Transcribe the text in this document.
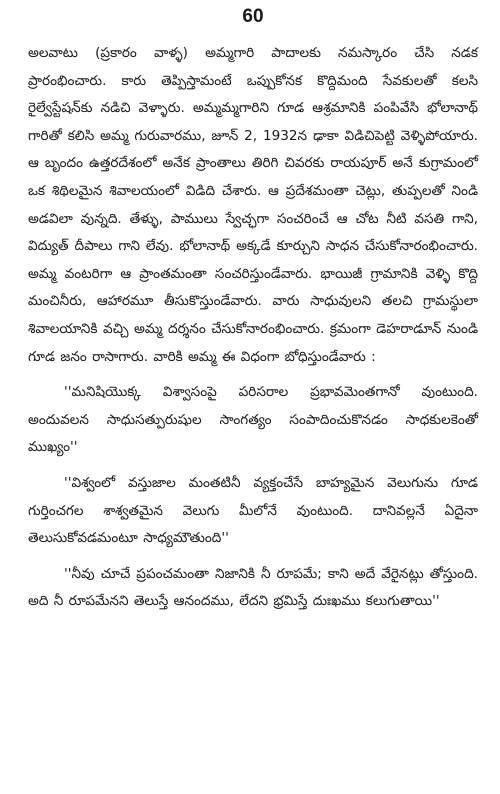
60

అలవాటు (ప్రకారం వాళ్ళ) అమ్మగారి పాదాలకు నమస్కారం చేసి నడక ప్రారంభించారు. కారు తెప్పిస్తామంటే ఒప్పుకోనక కొద్దిమంది సేవకులతో కలసి రైల్వేస్టేషన్‌కు నడిచి వెళ్ళారు. అమ్మమ్మగారిని గూడ ఆశ్రమానికి పంపివేసి భోలానాథ్ గారితో కలిసి అమ్మ గురువారము, జూన్ 2, 1932న ఢాకా విడిచిపెట్టి వెళ్ళిపోయారు. ఆ బృందం ఉత్తరదేశంలో అనేక ప్రాంతాలు తిరిగి చివరకు రాయపూర్ అనే కుగ్రామంలో ఒక శిథిలమైన శివాలయంలో విడిది చేశారు. ఆ ప్రదేశమంతా చెట్లు, తుప్పలతో నిండి అడవిలా వున్నది. తేళ్ళు, పాములు స్వేచ్ఛగా సంచరించే ఆ చోట నీటి వసతి గాని, విద్యుత్ దీపాలు గాని లేవు. భోలానాథ్ అక్కడే కూర్చుని సాధన చేసుకోనారంభించారు. అమ్మ వంటరిగా ఆ ప్రాంతమంతా సంచరిస్తుండేవారు. భాయిజీ గ్రామానికి వెళ్ళి కొద్ది మంచినీరు, ఆహారమూ తీసుకొస్తుండేవారు. వారు సాధువులని తలచి గ్రామస్థులా శివాలయానికి వచ్చి అమ్మ దర్శనం చేసుకోనారంభించారు. క్రమంగా డెహరాడూన్ నుండి గూడ జనం రాసాగారు. వారికి అమ్మ ఈ విధంగా బోధిస్తుండేవారు :

''మనిషియొక్క విశ్వాసంపై పరిసరాల ప్రభావమెంతగానో వుంటుంది. అందువలన సాధుసత్పురుషుల సాంగత్యం సంపాదించుకొనడం సాధకులకెంతో ముఖ్యం''

''విశ్వంలో వస్తుజాల మంతటినీ వ్యక్తంచేసే బాహ్యమైన వెలుగును గూడ గుర్తించగల శాశ్వతమైన వెలుగు మీలోనే వుంటుంది. దానివల్లనే ఏదైనా తెలుసుకోవడమంటూ సాధ్యమౌతుంది''

''నీవు చూచే ప్రపంచమంతా నిజానికి నీ రూపమే; కాని అదే వేరైనట్లు తోస్తుంది. అది నీ రూపమేనని తెలుస్తే ఆనందము, లేదని భ్రమిస్తే దుఃఖము కలుగుతాయి''
